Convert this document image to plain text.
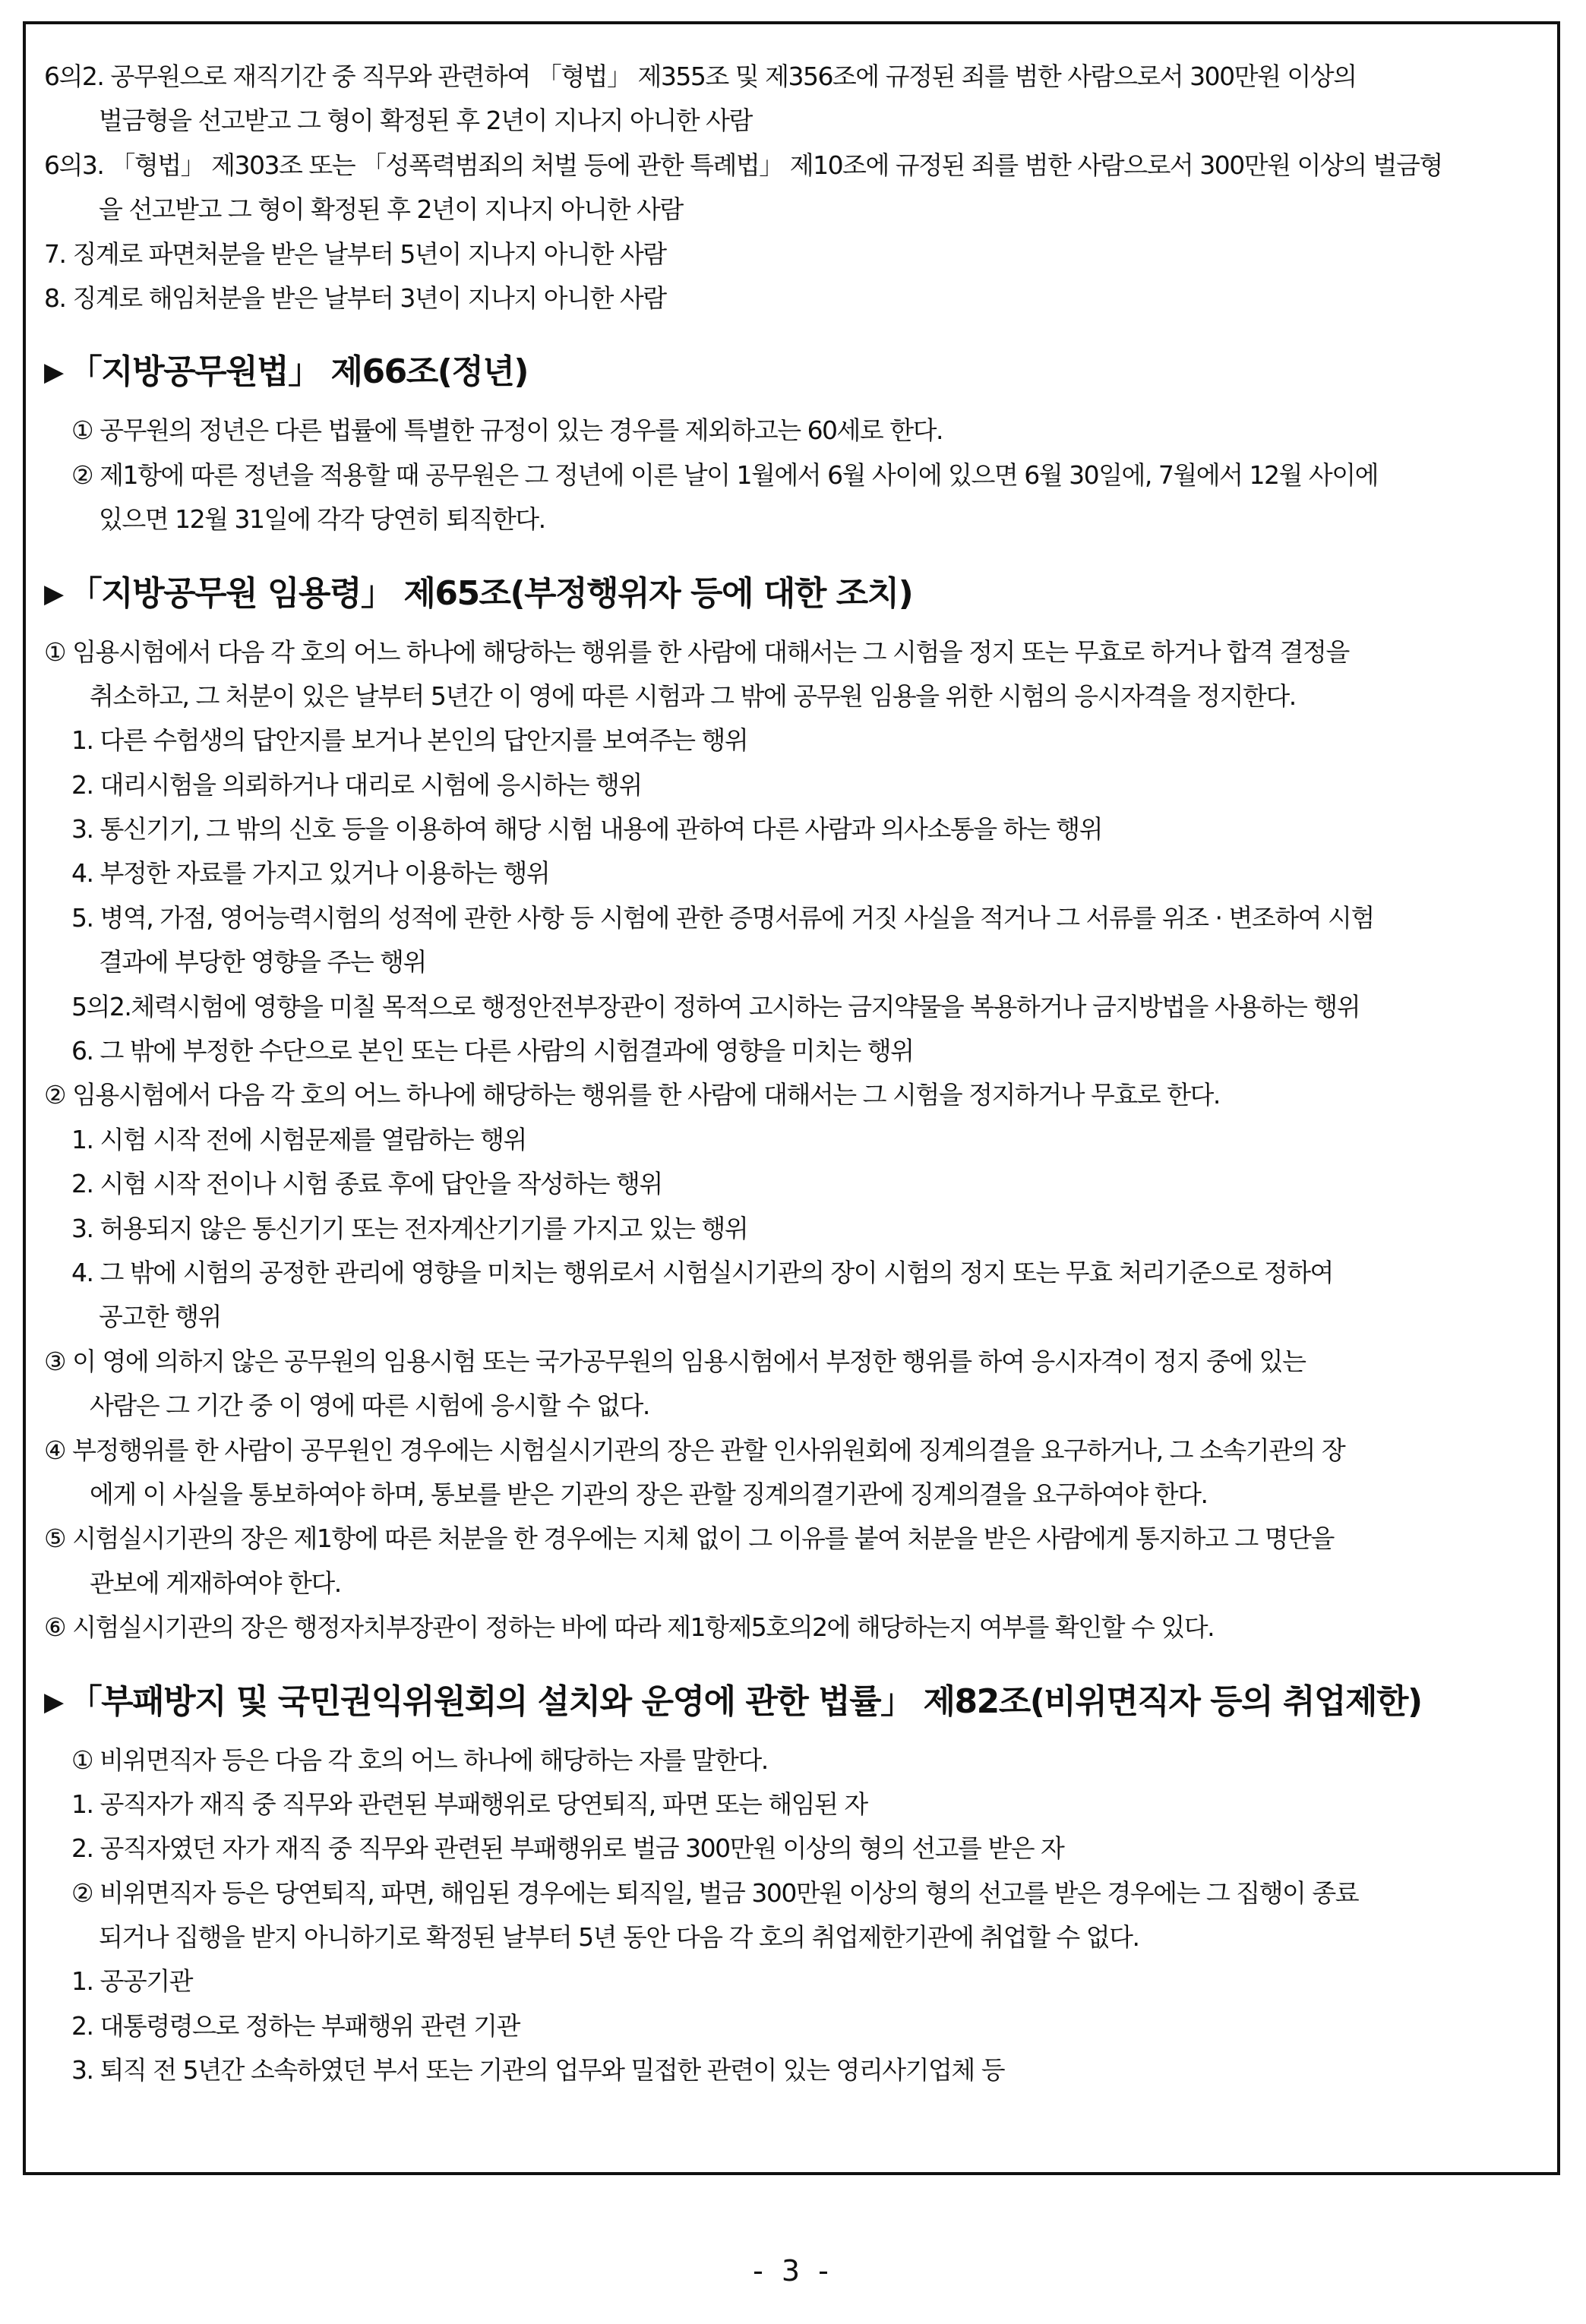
6의2. 공무원으로 재직기간 중 직무와 관련하여 「형법」 제355조 및 제356조에 규정된 죄를 범한 사람으로서 300만원 이상의
벌금형을 선고받고 그 형이 확정된 후 2년이 지나지 아니한 사람
6의3. 「형법」 제303조 또는 「성폭력범죄의 처벌 등에 관한 특례법」 제10조에 규정된 죄를 범한 사람으로서 300만원 이상의 벌금형
을 선고받고 그 형이 확정된 후 2년이 지나지 아니한 사람
7. 징계로 파면처분을 받은 날부터 5년이 지나지 아니한 사람
8. 징계로 해임처분을 받은 날부터 3년이 지나지 아니한 사람
▶ 「지방공무원법」 제66조(정년)
① 공무원의 정년은 다른 법률에 특별한 규정이 있는 경우를 제외하고는 60세로 한다.
② 제1항에 따른 정년을 적용할 때 공무원은 그 정년에 이른 날이 1월에서 6월 사이에 있으면 6월 30일에, 7월에서 12월 사이에
있으면 12월 31일에 각각 당연히 퇴직한다.
▶ 「지방공무원 임용령」 제65조(부정행위자 등에 대한 조치)
① 임용시험에서 다음 각 호의 어느 하나에 해당하는 행위를 한 사람에 대해서는 그 시험을 정지 또는 무효로 하거나 합격 결정을
취소하고, 그 처분이 있은 날부터 5년간 이 영에 따른 시험과 그 밖에 공무원 임용을 위한 시험의 응시자격을 정지한다.
1. 다른 수험생의 답안지를 보거나 본인의 답안지를 보여주는 행위
2. 대리시험을 의뢰하거나 대리로 시험에 응시하는 행위
3. 통신기기, 그 밖의 신호 등을 이용하여 해당 시험 내용에 관하여 다른 사람과 의사소통을 하는 행위
4. 부정한 자료를 가지고 있거나 이용하는 행위
5. 병역, 가점, 영어능력시험의 성적에 관한 사항 등 시험에 관한 증명서류에 거짓 사실을 적거나 그 서류를 위조 · 변조하여 시험
결과에 부당한 영향을 주는 행위
5의2.체력시험에 영향을 미칠 목적으로 행정안전부장관이 정하여 고시하는 금지약물을 복용하거나 금지방법을 사용하는 행위
6. 그 밖에 부정한 수단으로 본인 또는 다른 사람의 시험결과에 영향을 미치는 행위
② 임용시험에서 다음 각 호의 어느 하나에 해당하는 행위를 한 사람에 대해서는 그 시험을 정지하거나 무효로 한다.
1. 시험 시작 전에 시험문제를 열람하는 행위
2. 시험 시작 전이나 시험 종료 후에 답안을 작성하는 행위
3. 허용되지 않은 통신기기 또는 전자계산기기를 가지고 있는 행위
4. 그 밖에 시험의 공정한 관리에 영향을 미치는 행위로서 시험실시기관의 장이 시험의 정지 또는 무효 처리기준으로 정하여
공고한 행위
③ 이 영에 의하지 않은 공무원의 임용시험 또는 국가공무원의 임용시험에서 부정한 행위를 하여 응시자격이 정지 중에 있는
사람은 그 기간 중 이 영에 따른 시험에 응시할 수 없다.
④ 부정행위를 한 사람이 공무원인 경우에는 시험실시기관의 장은 관할 인사위원회에 징계의결을 요구하거나, 그 소속기관의 장
에게 이 사실을 통보하여야 하며, 통보를 받은 기관의 장은 관할 징계의결기관에 징계의결을 요구하여야 한다.
⑤ 시험실시기관의 장은 제1항에 따른 처분을 한 경우에는 지체 없이 그 이유를 붙여 처분을 받은 사람에게 통지하고 그 명단을
관보에 게재하여야 한다.
⑥ 시험실시기관의 장은 행정자치부장관이 정하는 바에 따라 제1항제5호의2에 해당하는지 여부를 확인할 수 있다.
▶ 「부패방지 및 국민권익위원회의 설치와 운영에 관한 법률」 제82조(비위면직자 등의 취업제한)
① 비위면직자 등은 다음 각 호의 어느 하나에 해당하는 자를 말한다.
1. 공직자가 재직 중 직무와 관련된 부패행위로 당연퇴직, 파면 또는 해임된 자
2. 공직자였던 자가 재직 중 직무와 관련된 부패행위로 벌금 300만원 이상의 형의 선고를 받은 자
② 비위면직자 등은 당연퇴직, 파면, 해임된 경우에는 퇴직일, 벌금 300만원 이상의 형의 선고를 받은 경우에는 그 집행이 종료
되거나 집행을 받지 아니하기로 확정된 날부터 5년 동안 다음 각 호의 취업제한기관에 취업할 수 없다.
1. 공공기관
2. 대통령령으로 정하는 부패행위 관련 기관
3. 퇴직 전 5년간 소속하였던 부서 또는 기관의 업무와 밀접한 관련이 있는 영리사기업체 등
- 3 -
